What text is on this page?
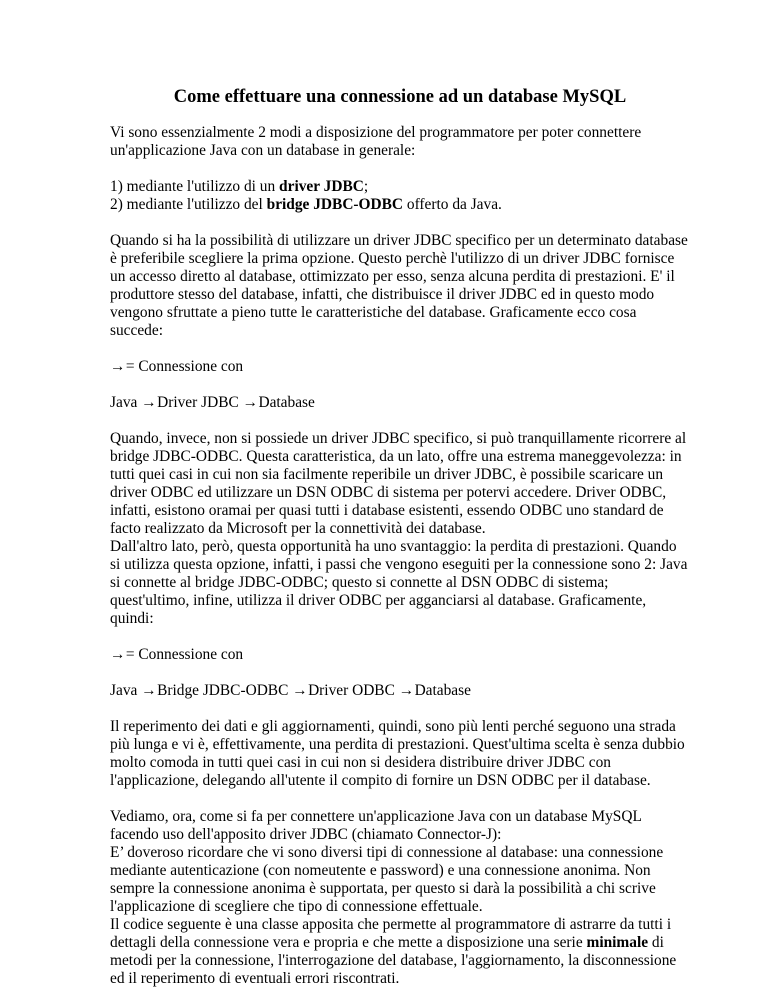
Come effettuare una connessione ad un database MySQL

Vi sono essenzialmente 2 modi a disposizione del programmatore per poter connettere un'applicazione Java con un database in generale:

1) mediante l'utilizzo di un driver JDBC;
2) mediante l'utilizzo del bridge JDBC-ODBC offerto da Java.

Quando si ha la possibilità di utilizzare un driver JDBC specifico per un determinato database è preferibile scegliere la prima opzione. Questo perchè l'utilizzo di un driver JDBC fornisce un accesso diretto al database, ottimizzato per esso, senza alcuna perdita di prestazioni. E' il produttore stesso del database, infatti, che distribuisce il driver JDBC ed in questo modo vengono sfruttate a pieno tutte le caratteristiche del database. Graficamente ecco cosa succede:

→ = Connessione con

Java → Driver JDBC → Database

Quando, invece, non si possiede un driver JDBC specifico, si può tranquillamente ricorrere al bridge JDBC-ODBC. Questa caratteristica, da un lato, offre una estrema maneggevolezza: in tutti quei casi in cui non sia facilmente reperibile un driver JDBC, è possibile scaricare un driver ODBC ed utilizzare un DSN ODBC di sistema per potervi accedere. Driver ODBC, infatti, esistono oramai per quasi tutti i database esistenti, essendo ODBC uno standard de facto realizzato da Microsoft per la connettività dei database.
Dall'altro lato, però, questa opportunità ha uno svantaggio: la perdita di prestazioni. Quando si utilizza questa opzione, infatti, i passi che vengono eseguiti per la connessione sono 2: Java si connette al bridge JDBC-ODBC; questo si connette al DSN ODBC di sistema; quest'ultimo, infine, utilizza il driver ODBC per agganciarsi al database. Graficamente, quindi:

→ = Connessione con

Java → Bridge JDBC-ODBC → Driver ODBC → Database

Il reperimento dei dati e gli aggiornamenti, quindi, sono più lenti perché seguono una strada più lunga e vi è, effettivamente, una perdita di prestazioni. Quest'ultima scelta è senza dubbio molto comoda in tutti quei casi in cui non si desidera distribuire driver JDBC con l'applicazione, delegando all'utente il compito di fornire un DSN ODBC per il database.

Vediamo, ora, come si fa per connettere un'applicazione Java con un database MySQL facendo uso dell'apposito driver JDBC (chiamato Connector-J):
E’ doveroso ricordare che vi sono diversi tipi di connessione al database: una connessione mediante autenticazione (con nomeutente e password) e una connessione anonima. Non sempre la connessione anonima è supportata, per questo si darà la possibilità a chi scrive l'applicazione di scegliere che tipo di connessione effettuale.
Il codice seguente è una classe apposita che permette al programmatore di astrarre da tutti i dettagli della connessione vera e propria e che mette a disposizione una serie minimale di metodi per la connessione, l'interrogazione del database, l'aggiornamento, la disconnessione ed il reperimento di eventuali errori riscontrati.
